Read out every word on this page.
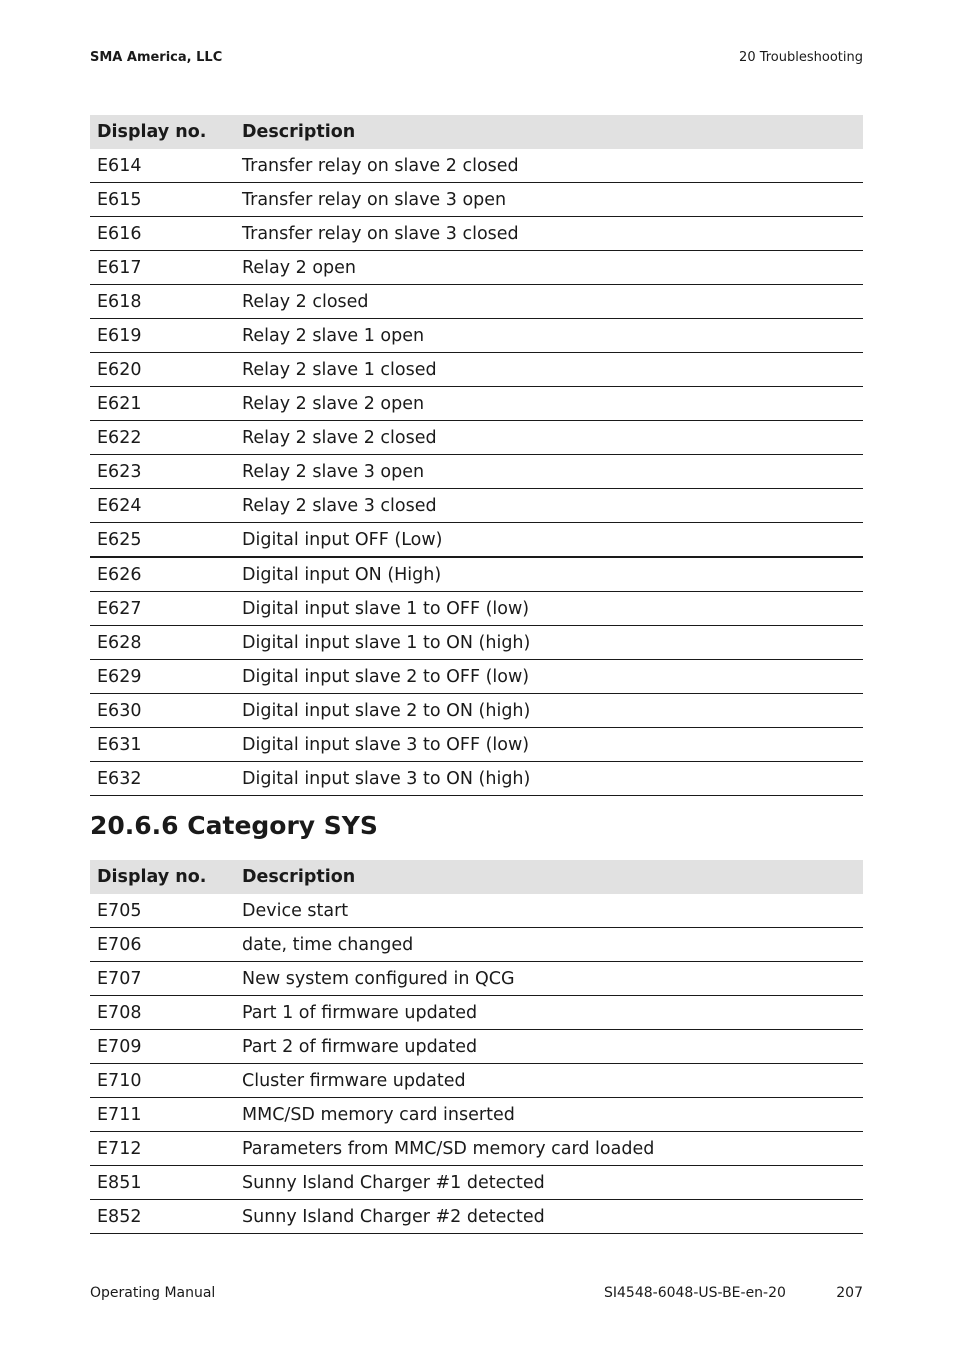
SMA America, LLC	20 Troubleshooting
Display no.	Description
E614	Transfer relay on slave 2 closed
E615	Transfer relay on slave 3 open
E616	Transfer relay on slave 3 closed
E617	Relay 2 open
E618	Relay 2 closed
E619	Relay 2 slave 1 open
E620	Relay 2 slave 1 closed
E621	Relay 2 slave 2 open
E622	Relay 2 slave 2 closed
E623	Relay 2 slave 3 open
E624	Relay 2 slave 3 closed
E625	Digital input OFF (Low)
E626	Digital input ON (High)
E627	Digital input slave 1 to OFF (low)
E628	Digital input slave 1 to ON (high)
E629	Digital input slave 2 to OFF (low)
E630	Digital input slave 2 to ON (high)
E631	Digital input slave 3 to OFF (low)
E632	Digital input slave 3 to ON (high)
20.6.6 Category SYS
Display no.	Description
E705	Device start
E706	date, time changed
E707	New system configured in QCG
E708	Part 1 of firmware updated
E709	Part 2 of firmware updated
E710	Cluster firmware updated
E711	MMC/SD memory card inserted
E712	Parameters from MMC/SD memory card loaded
E851	Sunny Island Charger #1 detected
E852	Sunny Island Charger #2 detected
Operating Manual	SI4548-6048-US-BE-en-20	207
